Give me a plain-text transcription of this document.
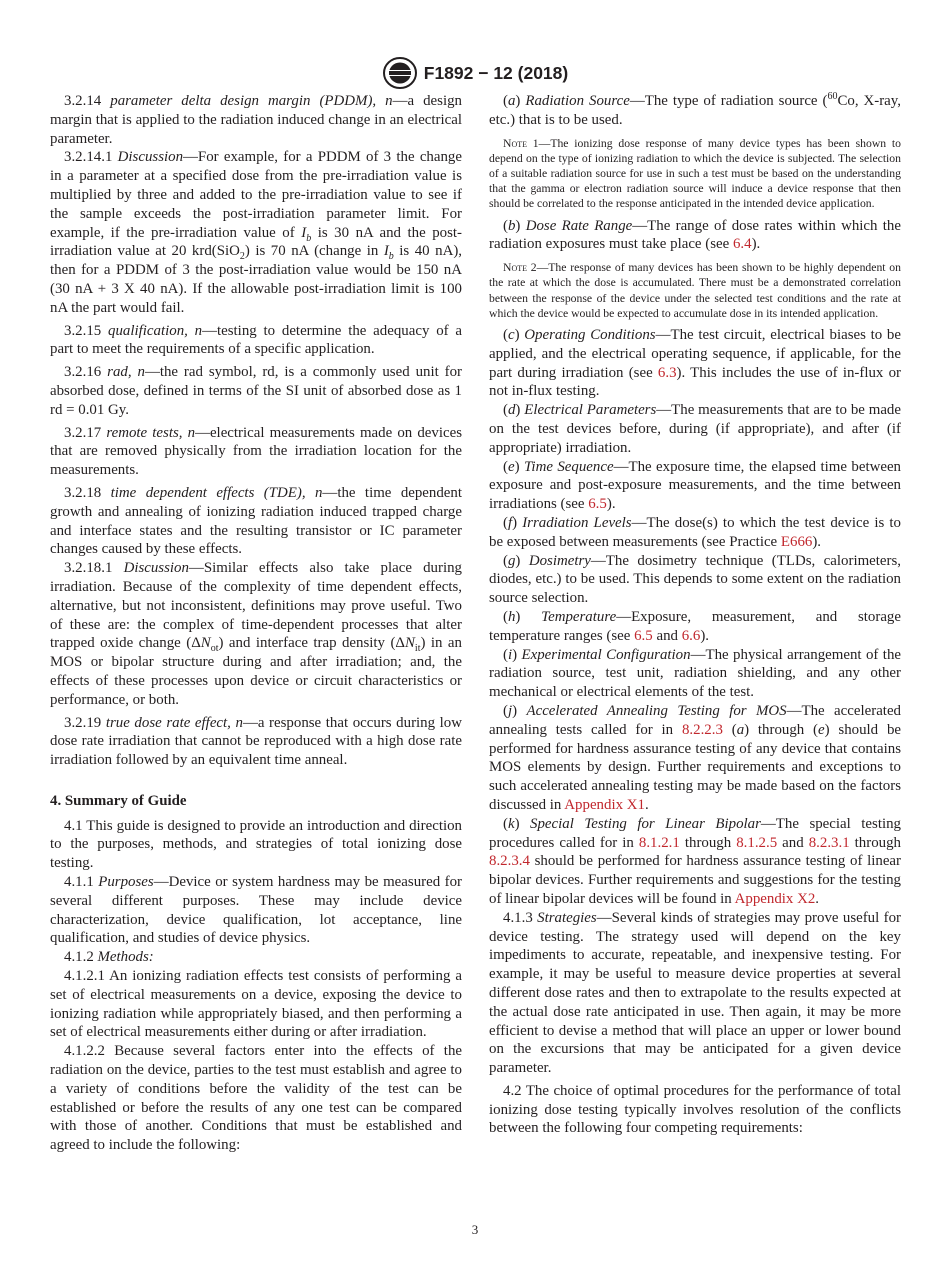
F1892 − 12 (2018)

3.2.14 parameter delta design margin (PDDM), n—a design margin that is applied to the radiation induced change in an electrical parameter.

3.2.14.1 Discussion—For example, for a PDDM of 3 the change in a parameter at a specified dose from the pre-irradiation value is multiplied by three and added to the pre-irradiation value to see if the sample exceeds the post-irradiation parameter limit. For example, if the pre-irradiation value of $I_b$ is 30 nA and the post-irradiation value at 20 krd(SiO$_2$) is 70 nA (change in $I_b$ is 40 nA), then for a PDDM of 3 the post-irradiation value would be 150 nA (30 nA + 3 X 40 nA). If the allowable post-irradiation limit is 100 nA the part would fail.

3.2.15 qualification, n—testing to determine the adequacy of a part to meet the requirements of a specific application.

3.2.16 rad, n—the rad symbol, rd, is a commonly used unit for absorbed dose, defined in terms of the SI unit of absorbed dose as 1 rd = 0.01 Gy.

3.2.17 remote tests, n—electrical measurements made on devices that are removed physically from the irradiation location for the measurements.

3.2.18 time dependent effects (TDE), n—the time dependent growth and annealing of ionizing radiation induced trapped charge and interface states and the resulting transistor or IC parameter changes caused by these effects.

3.2.18.1 Discussion—Similar effects also take place during irradiation. Because of the complexity of time dependent effects, alternative, but not inconsistent, definitions may prove useful. Two of these are: the complex of time-dependent processes that alter trapped oxide change $(\Delta N_{ot})$ and interface trap density $(\Delta N_{it})$ in an MOS or bipolar structure during and after irradiation; and, the effects of these processes upon device or circuit characteristics or performance, or both.

3.2.19 true dose rate effect, n—a response that occurs during low dose rate irradiation that cannot be reproduced with a high dose rate irradiation followed by an equivalent time anneal.

4. Summary of Guide

4.1 This guide is designed to provide an introduction and direction to the purposes, methods, and strategies of total ionizing dose testing.

4.1.1 Purposes—Device or system hardness may be measured for several different purposes. These may include device characterization, device qualification, lot acceptance, line qualification, and studies of device physics.

4.1.2 Methods:

4.1.2.1 An ionizing radiation effects test consists of performing a set of electrical measurements on a device, exposing the device to ionizing radiation while appropriately biased, and then performing a set of electrical measurements either during or after irradiation.

4.1.2.2 Because several factors enter into the effects of the radiation on the device, parties to the test must establish and agree to a variety of conditions before the validity of the test can be established or before the results of any one test can be compared with those of another. Conditions that must be established and agreed to include the following:

(a) Radiation Source—The type of radiation source ($^{60}$Co, X-ray, etc.) that is to be used.

Note 1—The ionizing dose response of many device types has been shown to depend on the type of ionizing radiation to which the device is subjected. The selection of a suitable radiation source for use in such a test must be based on the understanding that the gamma or electron radiation source will induce a device response that then should be correlated to the response anticipated in the intended device application.

(b) Dose Rate Range—The range of dose rates within which the radiation exposures must take place (see 6.4).

Note 2—The response of many devices has been shown to be highly dependent on the rate at which the dose is accumulated. There must be a demonstrated correlation between the response of the device under the selected test conditions and the rate at which the device would be expected to accumulate dose in its intended application.

(c) Operating Conditions—The test circuit, electrical biases to be applied, and the electrical operating sequence, if applicable, for the part during irradiation (see 6.3). This includes the use of in-flux or not in-flux testing.

(d) Electrical Parameters—The measurements that are to be made on the test devices before, during (if appropriate), and after (if appropriate) irradiation.

(e) Time Sequence—The exposure time, the elapsed time between exposure and post-exposure measurements, and the time between irradiations (see 6.5).

(f) Irradiation Levels—The dose(s) to which the test device is to be exposed between measurements (see Practice E666).

(g) Dosimetry—The dosimetry technique (TLDs, calorimeters, diodes, etc.) to be used. This depends to some extent on the radiation source selection.

(h) Temperature—Exposure, measurement, and storage temperature ranges (see 6.5 and 6.6).

(i) Experimental Configuration—The physical arrangement of the radiation source, test unit, radiation shielding, and any other mechanical or electrical elements of the test.

(j) Accelerated Annealing Testing for MOS—The accelerated annealing tests called for in 8.2.2.3 (a) through (e) should be performed for hardness assurance testing of any device that contains MOS elements by design. Further requirements and exceptions to such accelerated annealing testing may be made based on the factors discussed in Appendix X1.

(k) Special Testing for Linear Bipolar—The special testing procedures called for in 8.1.2.1 through 8.1.2.5 and 8.2.3.1 through 8.2.3.4 should be performed for hardness assurance testing of linear bipolar devices. Further requirements and suggestions for the testing of linear bipolar devices will be found in Appendix X2.

4.1.3 Strategies—Several kinds of strategies may prove useful for device testing. The strategy used will depend on the key impediments to accurate, repeatable, and inexpensive testing. For example, it may be useful to measure device properties at several different dose rates and then to extrapolate to the results expected at the actual dose rate anticipated in use. Then again, it may be more efficient to devise a method that will place an upper or lower bound on the excursions that may be anticipated for a given device parameter.

4.2 The choice of optimal procedures for the performance of total ionizing dose testing typically involves resolution of the conflicts between the following four competing requirements:

3
